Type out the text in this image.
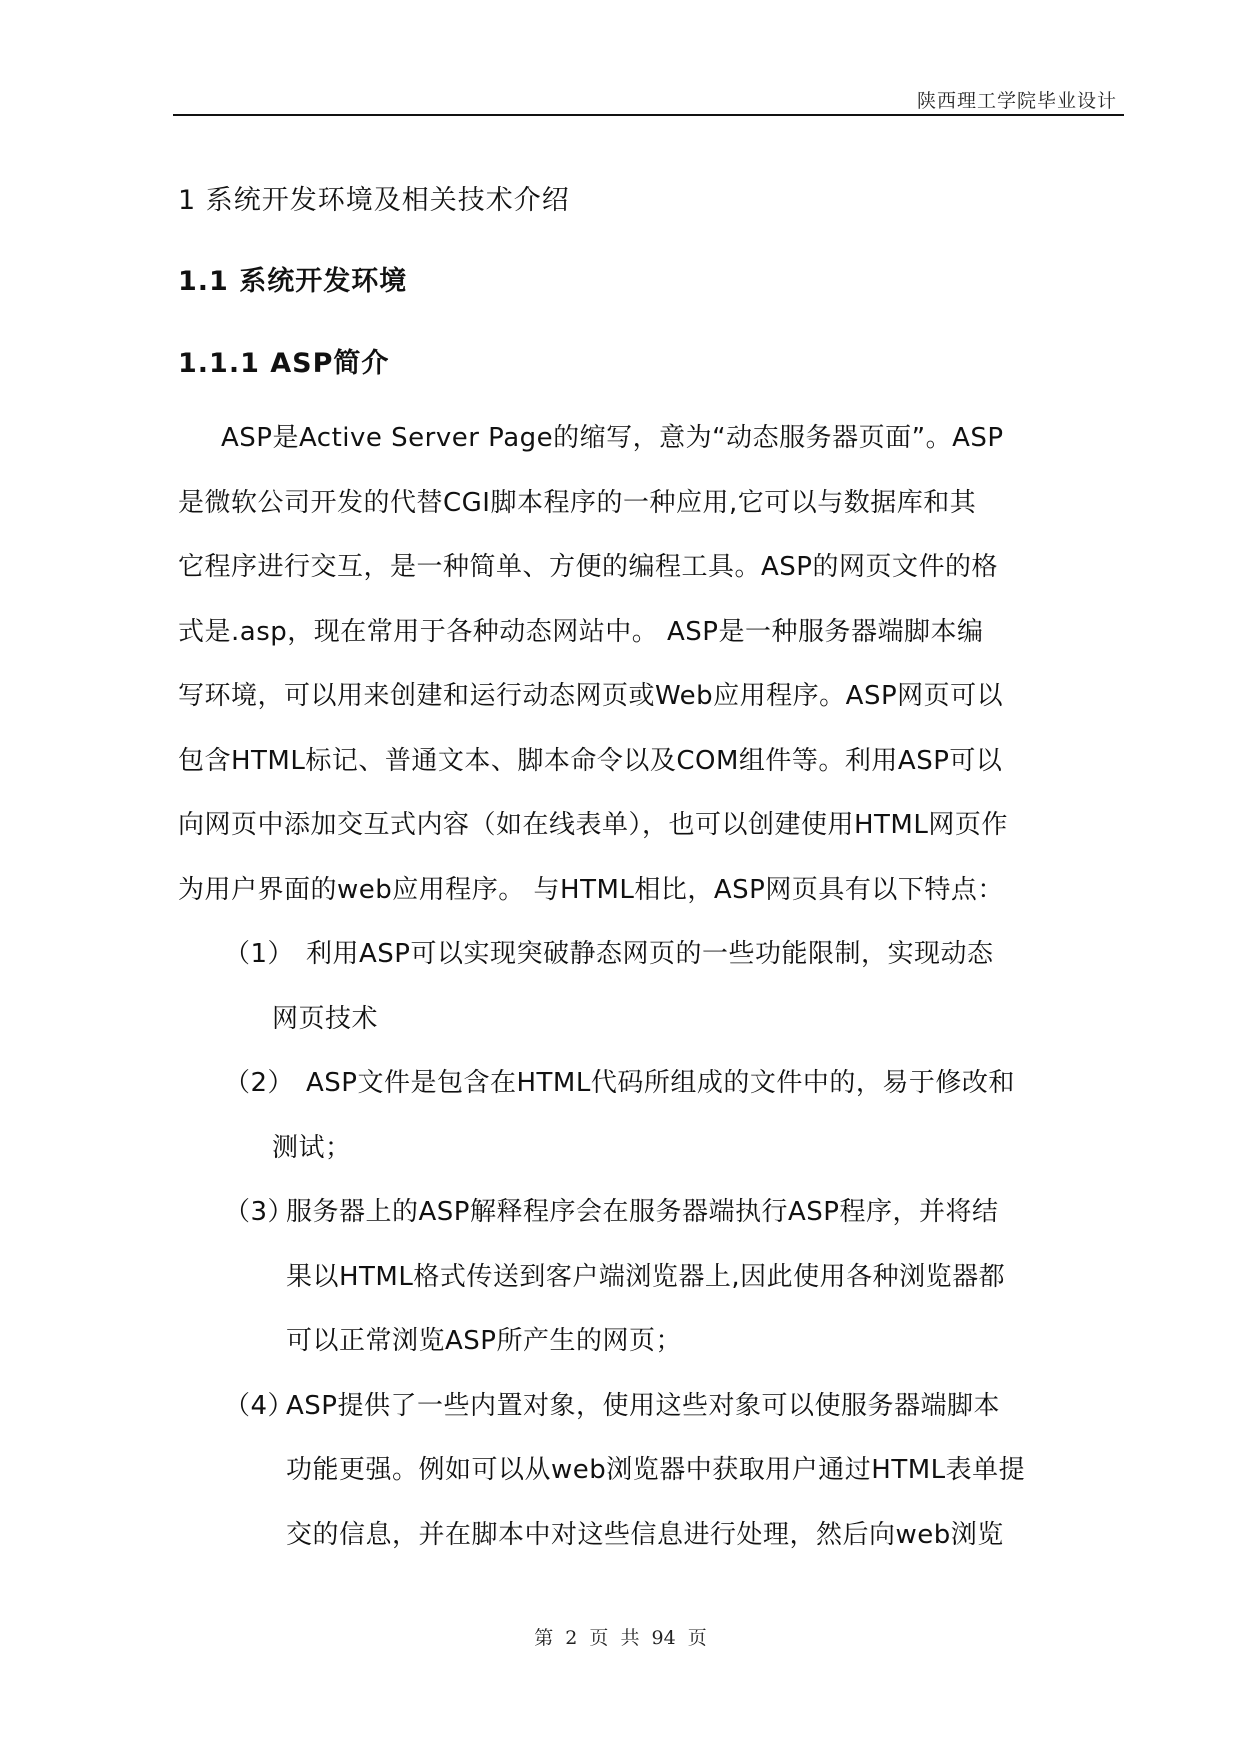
陕西理工学院毕业设计
1 系统开发环境及相关技术介绍
1.1 系统开发环境
1.1.1 ASP简介
ASP是Active Server Page的缩写，意为“动态服务器页面”。ASP
是微软公司开发的代替CGI脚本程序的一种应用,它可以与数据库和其
它程序进行交互，是一种简单、方便的编程工具。ASP的网页文件的格
式是.asp，现在常用于各种动态网站中。 ASP是一种服务器端脚本编
写环境，可以用来创建和运行动态网页或Web应用程序。ASP网页可以
包含HTML标记、普通文本、脚本命令以及COM组件等。利用ASP可以
向网页中添加交互式内容（如在线表单），也可以创建使用HTML网页作
为用户界面的web应用程序。 与HTML相比，ASP网页具有以下特点：
（1） 利用ASP可以实现突破静态网页的一些功能限制，实现动态
网页技术
（2） ASP文件是包含在HTML代码所组成的文件中的，易于修改和
测试；
（3）服务器上的ASP解释程序会在服务器端执行ASP程序，并将结
果以HTML格式传送到客户端浏览器上,因此使用各种浏览器都
可以正常浏览ASP所产生的网页；
（4）ASP提供了一些内置对象，使用这些对象可以使服务器端脚本
功能更强。例如可以从web浏览器中获取用户通过HTML表单提
交的信息，并在脚本中对这些信息进行处理，然后向web浏览
第 2 页 共 94 页
